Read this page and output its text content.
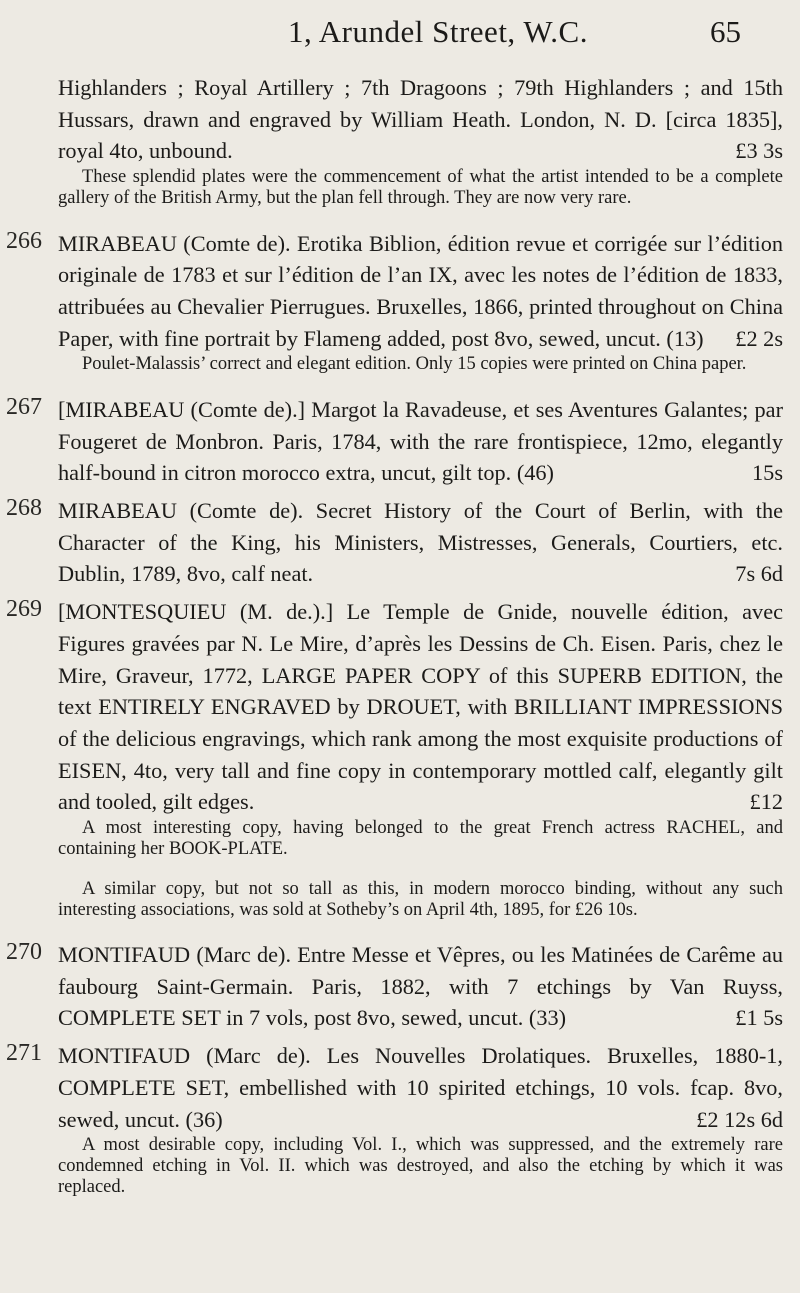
1, Arundel Street, W.C.	65
Highlanders ; Royal Artillery ; 7th Dragoons ; 79th Highlanders ; and 15th Hussars, drawn and engraved by William Heath. London, N. D. [circa 1835], royal 4to, unbound.	£3 3s

These splendid plates were the commencement of what the artist intended to be a complete gallery of the British Army, but the plan fell through. They are now very rare.

266 MIRABEAU (Comte de). Erotika Biblion, édition revue et corrigée sur l’édition originale de 1783 et sur l’édition de l’an IX, avec les notes de l’édition de 1833, attribuées au Chevalier Pierrugues. Bruxelles, 1866, printed throughout on China Paper, with fine portrait by Flameng added, post 8vo, sewed, uncut. (13) £2 2s

Poulet-Malassis’ correct and elegant edition. Only 15 copies were printed on China paper.

267 [MIRABEAU (Comte de).] Margot la Ravadeuse, et ses Aventures Galantes; par Fougeret de Monbron. Paris, 1784, with the rare frontispiece, 12mo, elegantly half-bound in citron morocco extra, uncut, gilt top. (46)	15s
268 MIRABEAU (Comte de). Secret History of the Court of Berlin, with the Character of the King, his Ministers, Mistresses, Generals, Courtiers, etc. Dublin, 1789, 8vo, calf neat.	7s 6d
269 [MONTESQUIEU (M. de.).] Le Temple de Gnide, nouvelle édition, avec Figures gravées par N. Le Mire, d’après les Dessins de Ch. Eisen. Paris, chez le Mire, Graveur, 1772, LARGE PAPER COPY of this SUPERB EDITION, the text ENTIRELY ENGRAVED by DROUET, with BRILLIANT IMPRESSIONS of the delicious engravings, which rank among the most exquisite productions of EISEN, 4to, very tall and fine copy in contemporary mottled calf, elegantly gilt and tooled, gilt edges.	£12

A most interesting copy, having belonged to the great French actress RACHEL, and containing her BOOK-PLATE.

A similar copy, but not so tall as this, in modern morocco binding, without any such interesting associations, was sold at Sotheby’s on April 4th, 1895, for £26 10s.

270 MONTIFAUD (Marc de). Entre Messe et Vêpres, ou les Matinées de Carême au faubourg Saint-Germain. Paris, 1882, with 7 etchings by Van Ruyss, COMPLETE SET in 7 vols, post 8vo, sewed, uncut. (33)	£1 5s
271 MONTIFAUD (Marc de). Les Nouvelles Drolatiques. Bruxelles, 1880-1, COMPLETE SET, embellished with 10 spirited etchings, 10 vols. fcap. 8vo, sewed, uncut. (36)	£2 12s 6d

A most desirable copy, including Vol. I., which was suppressed, and the extremely rare condemned etching in Vol. II. which was destroyed, and also the etching by which it was replaced.
